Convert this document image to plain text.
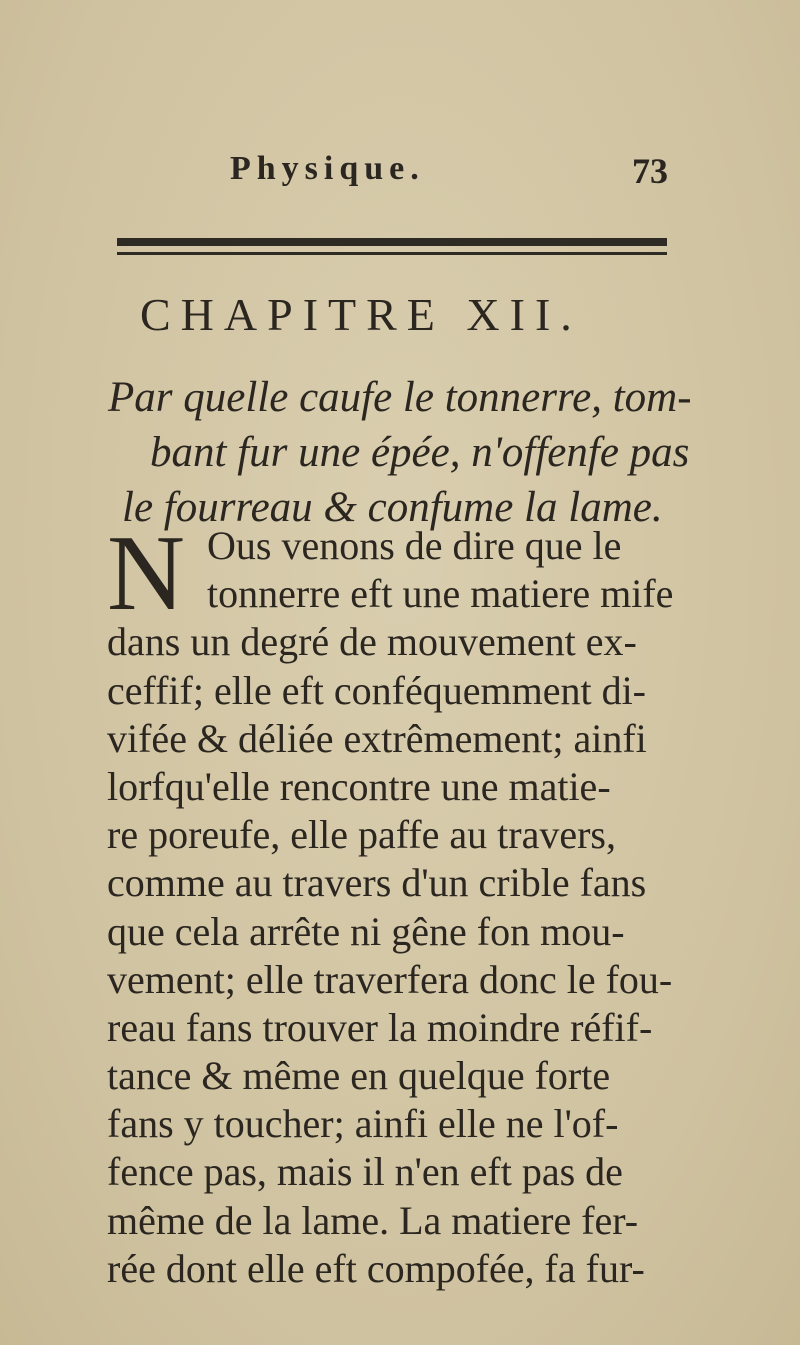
Physique.	73
CHAPITRE XII.
Par quelle caufe le tonnerre, tom-
bant fur une épée, n'offenfe pas
le fourreau & confume la lame.
N Ous venons de dire que le
tonnerre eft une matiere mife
dans un degré de mouvement ex-
ceffif; elle eft conféquemment di-
vifée & déliée extrêmement; ainfi
lorfqu'elle rencontre une matie-
re poreufe, elle paffe au travers,
comme au travers d'un crible fans
que cela arrête ni gêne fon mou-
vement; elle traverfera donc le fou-
reau fans trouver la moindre réfif-
tance & même en quelque forte
fans y toucher; ainfi elle ne l'of-
fence pas, mais il n'en eft pas de
même de la lame. La matiere fer-
rée dont elle eft compofée, fa fur-
